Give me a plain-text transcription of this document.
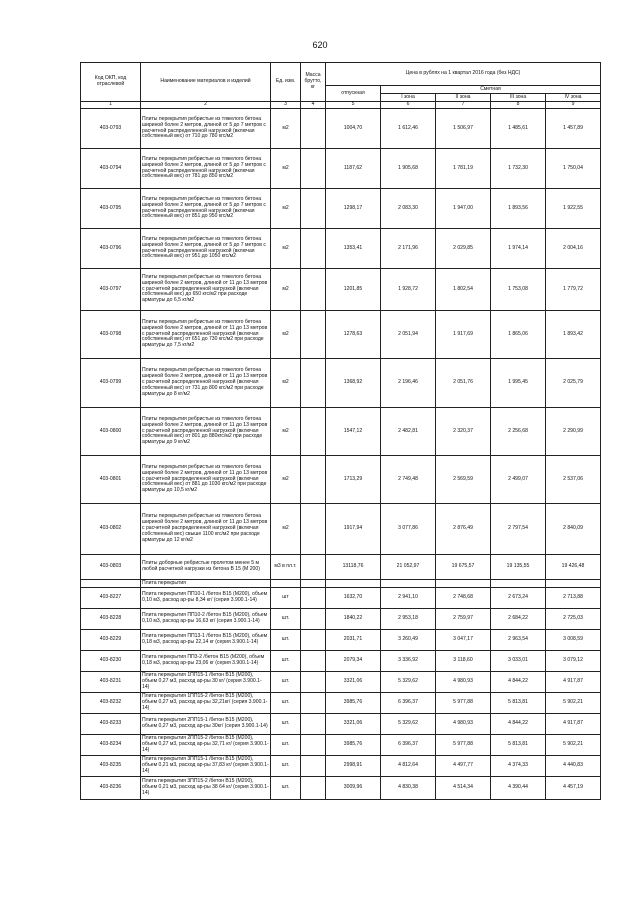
620
Код ОКП, код отраслевой	Наименование материалов и изделий	Ед. изм.	Масса брутто, кг	Цена в рублях на 1 квартал 2016 года (без НДС)				
				отпускная	Сметная			
					I зона	II зона	III зона	IV зона
1	2	3	4	5	6	7	8	9
403-0793	Плиты перекрытия ребристые из тяжелого бетона шириной более 2 метров, длиной от 5 до 7 метров с расчетной распределенной нагрузкой (включая собственный вес) от 710 до 780 кгс/м2	м2		1004,70	1 612,46	1 506,97	1 485,61	1 457,89
403-0794	Плиты перекрытия ребристые из тяжелого бетона шириной более 2 метров, длиной от 5 до 7 метров с расчетной распределенной нагрузкой (включая собственный вес) от 781 до 850 кгс/м2	м2		1187,62	1 905,68	1 781,19	1 732,30	1 750,04
403-0795	Плиты перекрытия ребристые из тяжелого бетона шириной более 2 метров, длиной от 5 до 7 метров с расчетной распределенной нагрузкой (включая собственный вес) от 851 до 950 кгс/м2	м2		1298,17	2 083,30	1 947,00	1 893,56	1 922,55
403-0796	Плиты перекрытия ребристые из тяжелого бетона шириной более 2 метров, длиной от 5 до 7 метров с расчетной распределенной нагрузкой (включая собственный вес) от 951 до 1050 кгс/м2	м2		1353,41	2 171,96	2 029,85	1 974,14	2 004,16
403-0797	Плиты перекрытия ребристые из тяжелого бетона шириной более 2 метров, длиной от 11 до 13 метров с расчетной распределенной нагрузкой (включая собственный вес) до 650 кгс/м2 при расходе арматуры до 6,5 кг/м2	м2		1201,85	1 928,72	1 802,54	1 753,08	1 779,72
403-0798	Плиты перекрытия ребристые из тяжелого бетона шириной более 2 метров, длиной от 11 до 13 метров с расчетной распределенной нагрузкой (включая собственный вес) от 651 до 730 кгс/м2 при расходе арматуры до 7,5 кг/м2	м2		1278,63	2 051,94	1 917,69	1 865,06	1 893,42
403-0799	Плиты перекрытия ребристые из тяжелого бетона шириной более 2 метров, длиной от 11 до 13 метров с расчетной распределенной нагрузкой (включая собственный вес) от 731 до 800 кгс/м2 при расходе арматуры до 8 кг/м2	м2		1368,92	2 196,46	2 051,76	1 995,45	2 025,79
403-0800	Плиты перекрытия ребристые из тяжелого бетона шириной более 2 метров, длиной от 11 до 13 метров с расчетной распределенной нагрузкой (включая собственный вес) от 801 до 880кгс/м2 при расходе арматуры до 9 кг/м2	м2		1547,12	2 482,81	2 320,37	2 256,68	2 290,99
403-0801	Плиты перекрытия ребристые из тяжелого бетона шириной более 2 метров, длиной от 11 до 13 метров с расчетной распределенной нагрузкой (включая собственный вес) от 881 до 1030 кгс/м2 при расходе арматуры до 10,5 кг/м2	м2		1713,29	2 749,48	2 569,59	2 499,07	2 537,06
403-0802	Плиты перекрытия ребристые из тяжелого бетона шириной более 2 метров, длиной от 11 до 13 метров с расчетной распределенной нагрузкой (включая собственный вес) свыше 1100 кгс/м2 при расходе арматуры до 12 кг/м2	м2		1917,94	3 077,86	2 876,49	2 797,54	2 840,09
403-0803	Плиты доборные ребристые пролетом менее 5 м любой расчетной нагрузки из бетона В 15 (М 200)	м3 в пл.т.		13118,76	21 052,97	19 675,57	19 135,55	19 426,48
	Плита перекрытия							
403-8227	Плита перекрытия ПП10-1 /бетон В15 (М200), объем 0,10 м3, расход ар-ры 8,34 кг/ (серия 3.900.1-14)	шт		1632,70	2 941,10	2 748,68	2 673,24	2 713,88
403-8228	Плита перекрытия ПП10-2 /бетон В15 (М200), объем 0,10 м3, расход ар-ры 16,63 кг/ (серия 3.900.1-14)	шт.		1840,22	2 953,18	2 759,97	2 684,22	2 725,03
403-8229	Плита перекрытия ПП13-1 /бетон В15 (М200), объем 0,18 м3, расход ар-ры 22,14 кг (серия 3.900.1-14)	шт.		2031,71	3 260,49	3 047,17	2 963,54	3 008,59
403-8230	Плита перекрытия ПП3-2 /бетон В15 (М200), объем 0,18 м3, расход ар-ры 23,06 кг (серия 3.900.1-14)	шт.		2079,34	3 336,92	3 118,60	3 033,01	3 079,12
403-8231	Плита перекрытия 1ПП15-1 /бетон В15 (М200), объем 0,27 м3, расход ар-ры 30 кг/ (серия 3.900.1-14)	шт.		3321,06	5 329,62	4 980,93	4 844,22	4 917,87
403-8232	Плита перекрытия 1ПП15-2 /бетон В15 (М200), объем 0,27 м3, расход ар-ры 32,21кг/ (серия 3.900.1-14)	шт.		3985,76	6 396,37	5 977,88	5 813,81	5 902,21
403-8233	Плита перекрытия 2ПП15-1 /бетон В15 (М200), объем 0,27 м3, расход ар-ры 30кг/ (серия 3.900.1-14)	шт.		3321,06	5 329,62	4 980,93	4 844,22	4 917,87
403-8234	Плита перекрытия 2ПП15-2 /бетон В15 (М200), объем 0,27 м3, расход ар-ры 32,71 кг/ (серия 3.900.1-14)	шт.		3985,76	6 396,37	5 977,88	5 813,81	5 902,21
403-8235	Плита перекрытия 3ПП15-1 /бетон В15 (М200), объем 0,21 м3, расход ар-ры 37,83 кг/ (серия 3.900.1-14)	шт.		2998,91	4 812,64	4 497,77	4 374,33	4 440,83
403-8236	Плита перекрытия 3ПП15-2 /бетон В15 (М200), объем 0,21 м3, расход ар-ры 38 64 кг/ (серия 3.900.1-14)	шт.		3009,96	4 830,38	4 514,34	4 390,44	4 457,19
